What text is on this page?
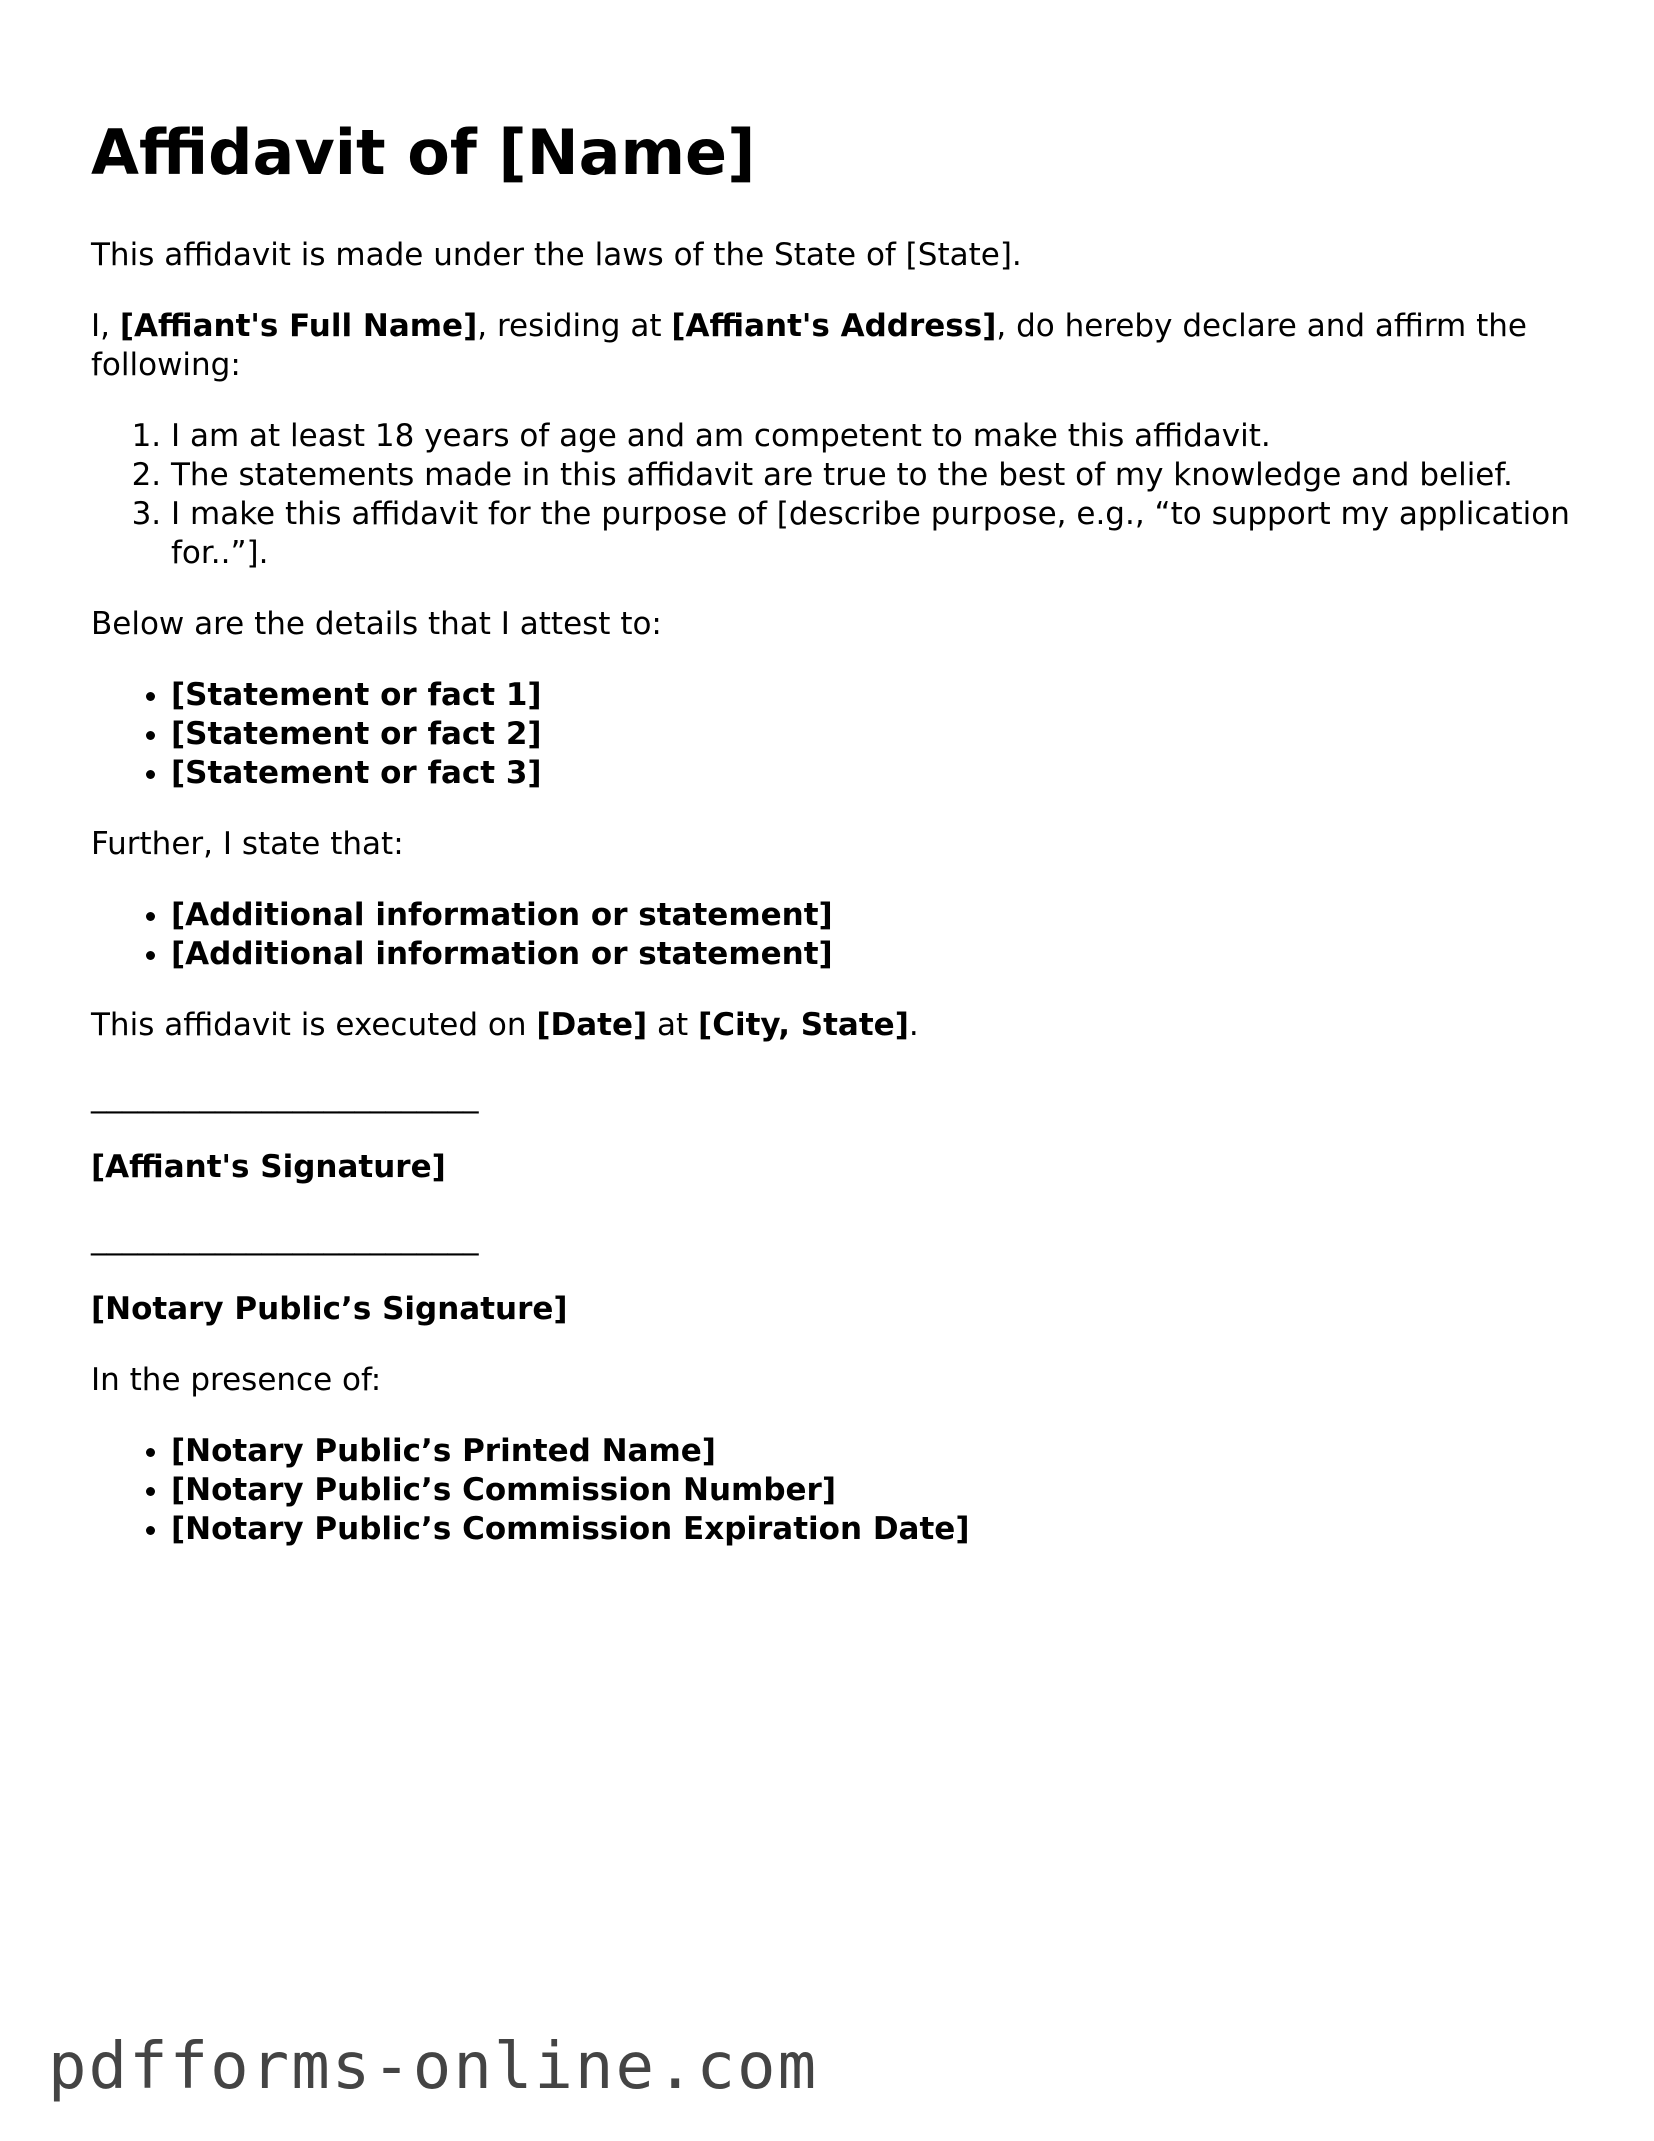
Affidavit of [Name]

This affidavit is made under the laws of the State of [State].

I, [Affiant's Full Name], residing at [Affiant's Address], do hereby declare and affirm the following:

1. I am at least 18 years of age and am competent to make this affidavit.
2. The statements made in this affidavit are true to the best of my knowledge and belief.
3. I make this affidavit for the purpose of [describe purpose, e.g., “to support my application for..”].

Below are the details that I attest to:

• [Statement or fact 1]
• [Statement or fact 2]
• [Statement or fact 3]

Further, I state that:

• [Additional information or statement]
• [Additional information or statement]

This affidavit is executed on [Date] at [City, State].

_________________________

[Affiant's Signature]

_________________________

[Notary Public’s Signature]

In the presence of:

• [Notary Public’s Printed Name]
• [Notary Public’s Commission Number]
• [Notary Public’s Commission Expiration Date]
pdfforms-online.com
